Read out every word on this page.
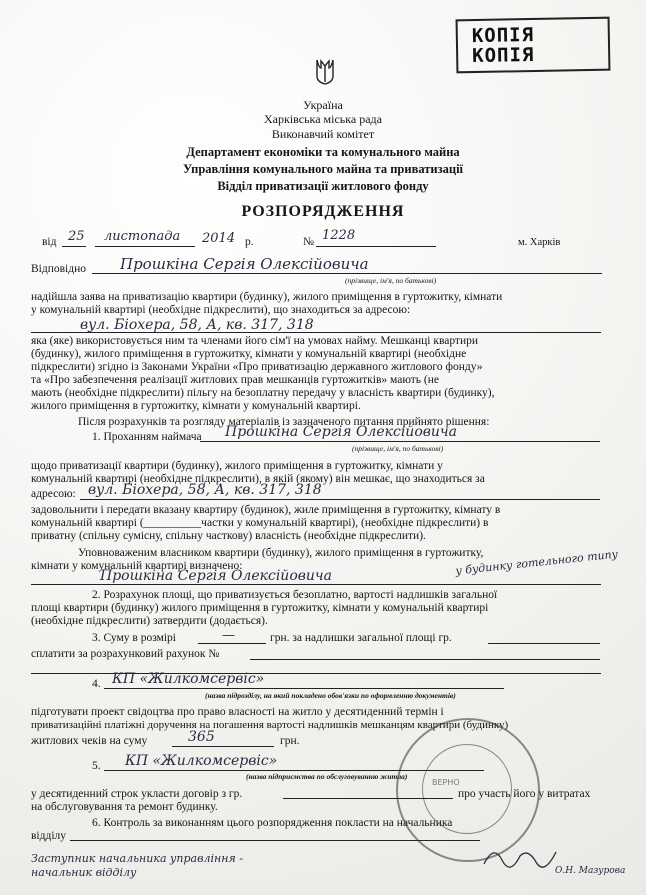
КОПІЯ
КОПІЯ
Україна
Харківська міська рада
Виконавчий комітет
Департамент економіки та комунального майна
Управління комунального майна та приватизації
Відділ приватизації житлового фонду
РОЗПОРЯДЖЕННЯ
від 25 листопада 2014 р.	№ 1228	м. Харків
Відповідно Прошкіна Сергія Олексійовича
(прізвище, ім'я, по батькові)
надійшла заява на приватизацію квартири (будинку), жилого приміщення в гуртожитку, кімнати
у комунальній квартирі (необхідне підкреслити), що знаходиться за адресою:
вул. Біохера, 58, А, кв. 317, 318
яка (яке) використовується ним та членами його сім'ї на умовах найму. Мешканці квартири
(будинку), жилого приміщення в гуртожитку, кімнати у комунальній квартирі (необхідне
підкреслити) згідно із Законами України «Про приватизацію державного житлового фонду»
та «Про забезпечення реалізації житлових прав мешканців гуртожитків» мають (не
мають (необхідне підкреслити) пільгу на безоплатну передачу у власність квартири (будинку),
жилого приміщення в гуртожитку, кімнати у комунальній квартирі.
Після розрахунків та розгляду матеріалів із зазначеного питання прийнято рішення:
1. Проханням наймача Прошкіна Сергія Олексійовича
(прізвище, ім'я, по батькові)
щодо приватизації квартири (будинку), жилого приміщення в гуртожитку, кімнати у
комунальній квартирі (необхідне підкреслити), в якій (якому) він мешкає, що знаходиться за
адресою: вул. Біохера, 58, А, кв. 317, 318
задовольнити і передати вказану квартиру (будинок), жиле приміщення в гуртожитку, кімнату в
комунальній квартирі (__________частки у комунальній квартирі), (необхідне підкреслити) в
приватну (спільну сумісну, спільну часткову) власність (необхідне підкреслити).
Уповноваженим власником квартири (будинку), жилого приміщення в гуртожитку,
кімнати у комунальній квартирі визначено:	у будинку готельного типу
Прошкіна Сергія Олексійовича
2. Розрахунок площі, що приватизується безоплатно, вартості надлишків загальної
площі квартири (будинку) жилого приміщення в гуртожитку, кімнати у комунальній квартирі
(необхідне підкреслити) затвердити (додається).
3. Суму в розмірі	—	грн. за надлишки загальної площі гр.
сплатити за розрахунковий рахунок №
4. КП «Жилкомсервіс»
(назва підрозділу, на який покладено обов'язки по оформленню документів)
підготувати проект свідоцтва про право власності на житло у десятиденний термін і
приватизаційні платіжні доручення на погашення вартості надлишків мешканцям квартири (будинку)
житлових чеків на суму	365	грн.
5. КП «Жилкомсервіс»
(назва підприємства по обслуговуванню житла)
у десятиденний строк укласти договір з гр.	про участь його у витратах
на обслуговування та ремонт будинку.
6. Контроль за виконанням цього розпорядження покласти на начальника
відділу
ВЕРНО
Заступник начальника управління -
начальник відділу	О.Н. Мазурова
